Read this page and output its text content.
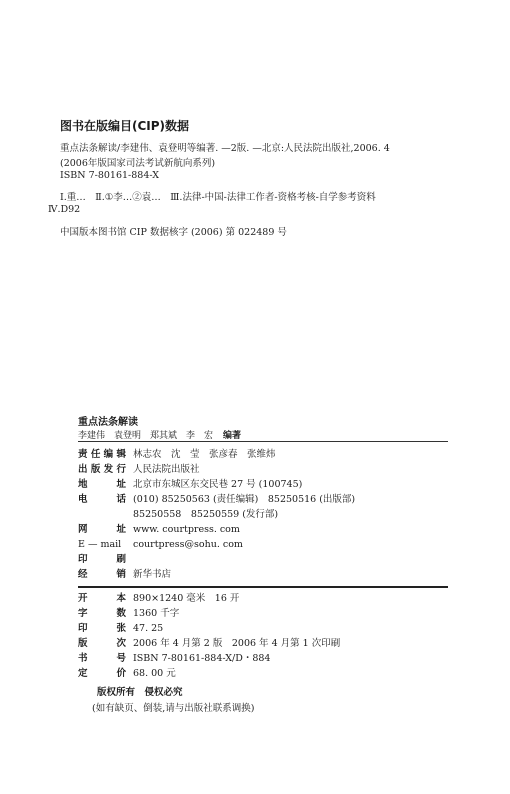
图书在版编目(CIP)数据
重点法条解读/李建伟、袁登明等编著. —2版. —北京:人民法院出版社,2006. 4
(2006年版国家司法考试新航向系列)
ISBN 7-80161-884-X
Ⅰ.重…　Ⅱ.①李…②袁…　Ⅲ.法律-中国-法律工作者-资格考核-自学参考资料
Ⅳ.D92
中国版本图书馆 CIP 数据核字 (2006) 第 022489 号
重点法条解读
李建伟　袁登明　郑其斌　李　宏 编著
责任编辑 林志农　沈　莹　张彦春　张维炜
出版发行 人民法院出版社
地址 北京市东城区东交民巷 27 号 (100745)
电话 (010) 85250563 (责任编辑)　85250516 (出版部)
85250558　85250559 (发行部)
网址 www. courtpress. com
E — mail	courtpress@sohu. com
印刷
经销 新华书店
开本 890×1240 毫米　16 开
字数 1360 千字
印张 47. 25
版次 2006 年 4 月第 2 版　2006 年 4 月第 1 次印刷
书号 ISBN 7-80161-884-X/D・884
定价 68. 00 元
版权所有　侵权必究
(如有缺页、倒装,请与出版社联系调换)
